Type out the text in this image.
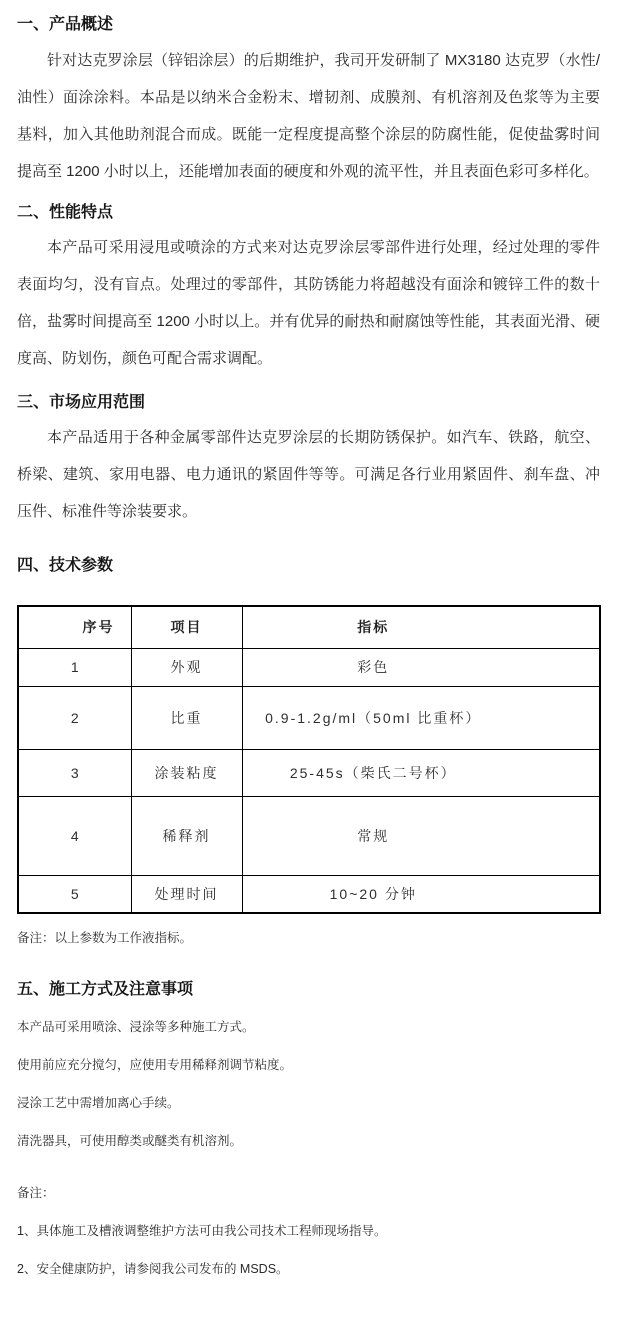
一、产品概述

针对达克罗涂层（锌铝涂层）的后期维护，我司开发研制了 MX3180 达克罗（水性/油性）面涂涂料。本品是以纳米合金粉末、增韧剂、成膜剂、有机溶剂及色浆等为主要基料，加入其他助剂混合而成。既能一定程度提高整个涂层的防腐性能，促使盐雾时间提高至 1200 小时以上，还能增加表面的硬度和外观的流平性，并且表面色彩可多样化。

二、性能特点

本产品可采用浸甩或喷涂的方式来对达克罗涂层零部件进行处理，经过处理的零件表面均匀，没有盲点。处理过的零部件，其防锈能力将超越没有面涂和镀锌工件的数十倍，盐雾时间提高至 1200 小时以上。并有优异的耐热和耐腐蚀等性能，其表面光滑、硬度高、防划伤，颜色可配合需求调配。

三、市场应用范围

本产品适用于各种金属零部件达克罗涂层的长期防锈保护。如汽车、铁路，航空、桥梁、建筑、家用电器、电力通讯的紧固件等等。可满足各行业用紧固件、刹车盘、冲压件、标准件等涂装要求。

四、技术参数
序号	项目	指标
1	外观	彩色
2	比重	0.9-1.2g/ml（50ml 比重杯）
3	涂装粘度	25-45s（柴氏二号杯）
4	稀释剂	常规
5	处理时间	10~20 分钟

备注：以上参数为工作液指标。

五、施工方式及注意事项

本产品可采用喷涂、浸涂等多种施工方式。

使用前应充分搅匀，应使用专用稀释剂调节粘度。

浸涂工艺中需增加离心手续。

清洗器具，可使用醇类或醚类有机溶剂。

备注：

1、具体施工及槽液调整维护方法可由我公司技术工程师现场指导。

2、安全健康防护，请参阅我公司发布的 MSDS。
